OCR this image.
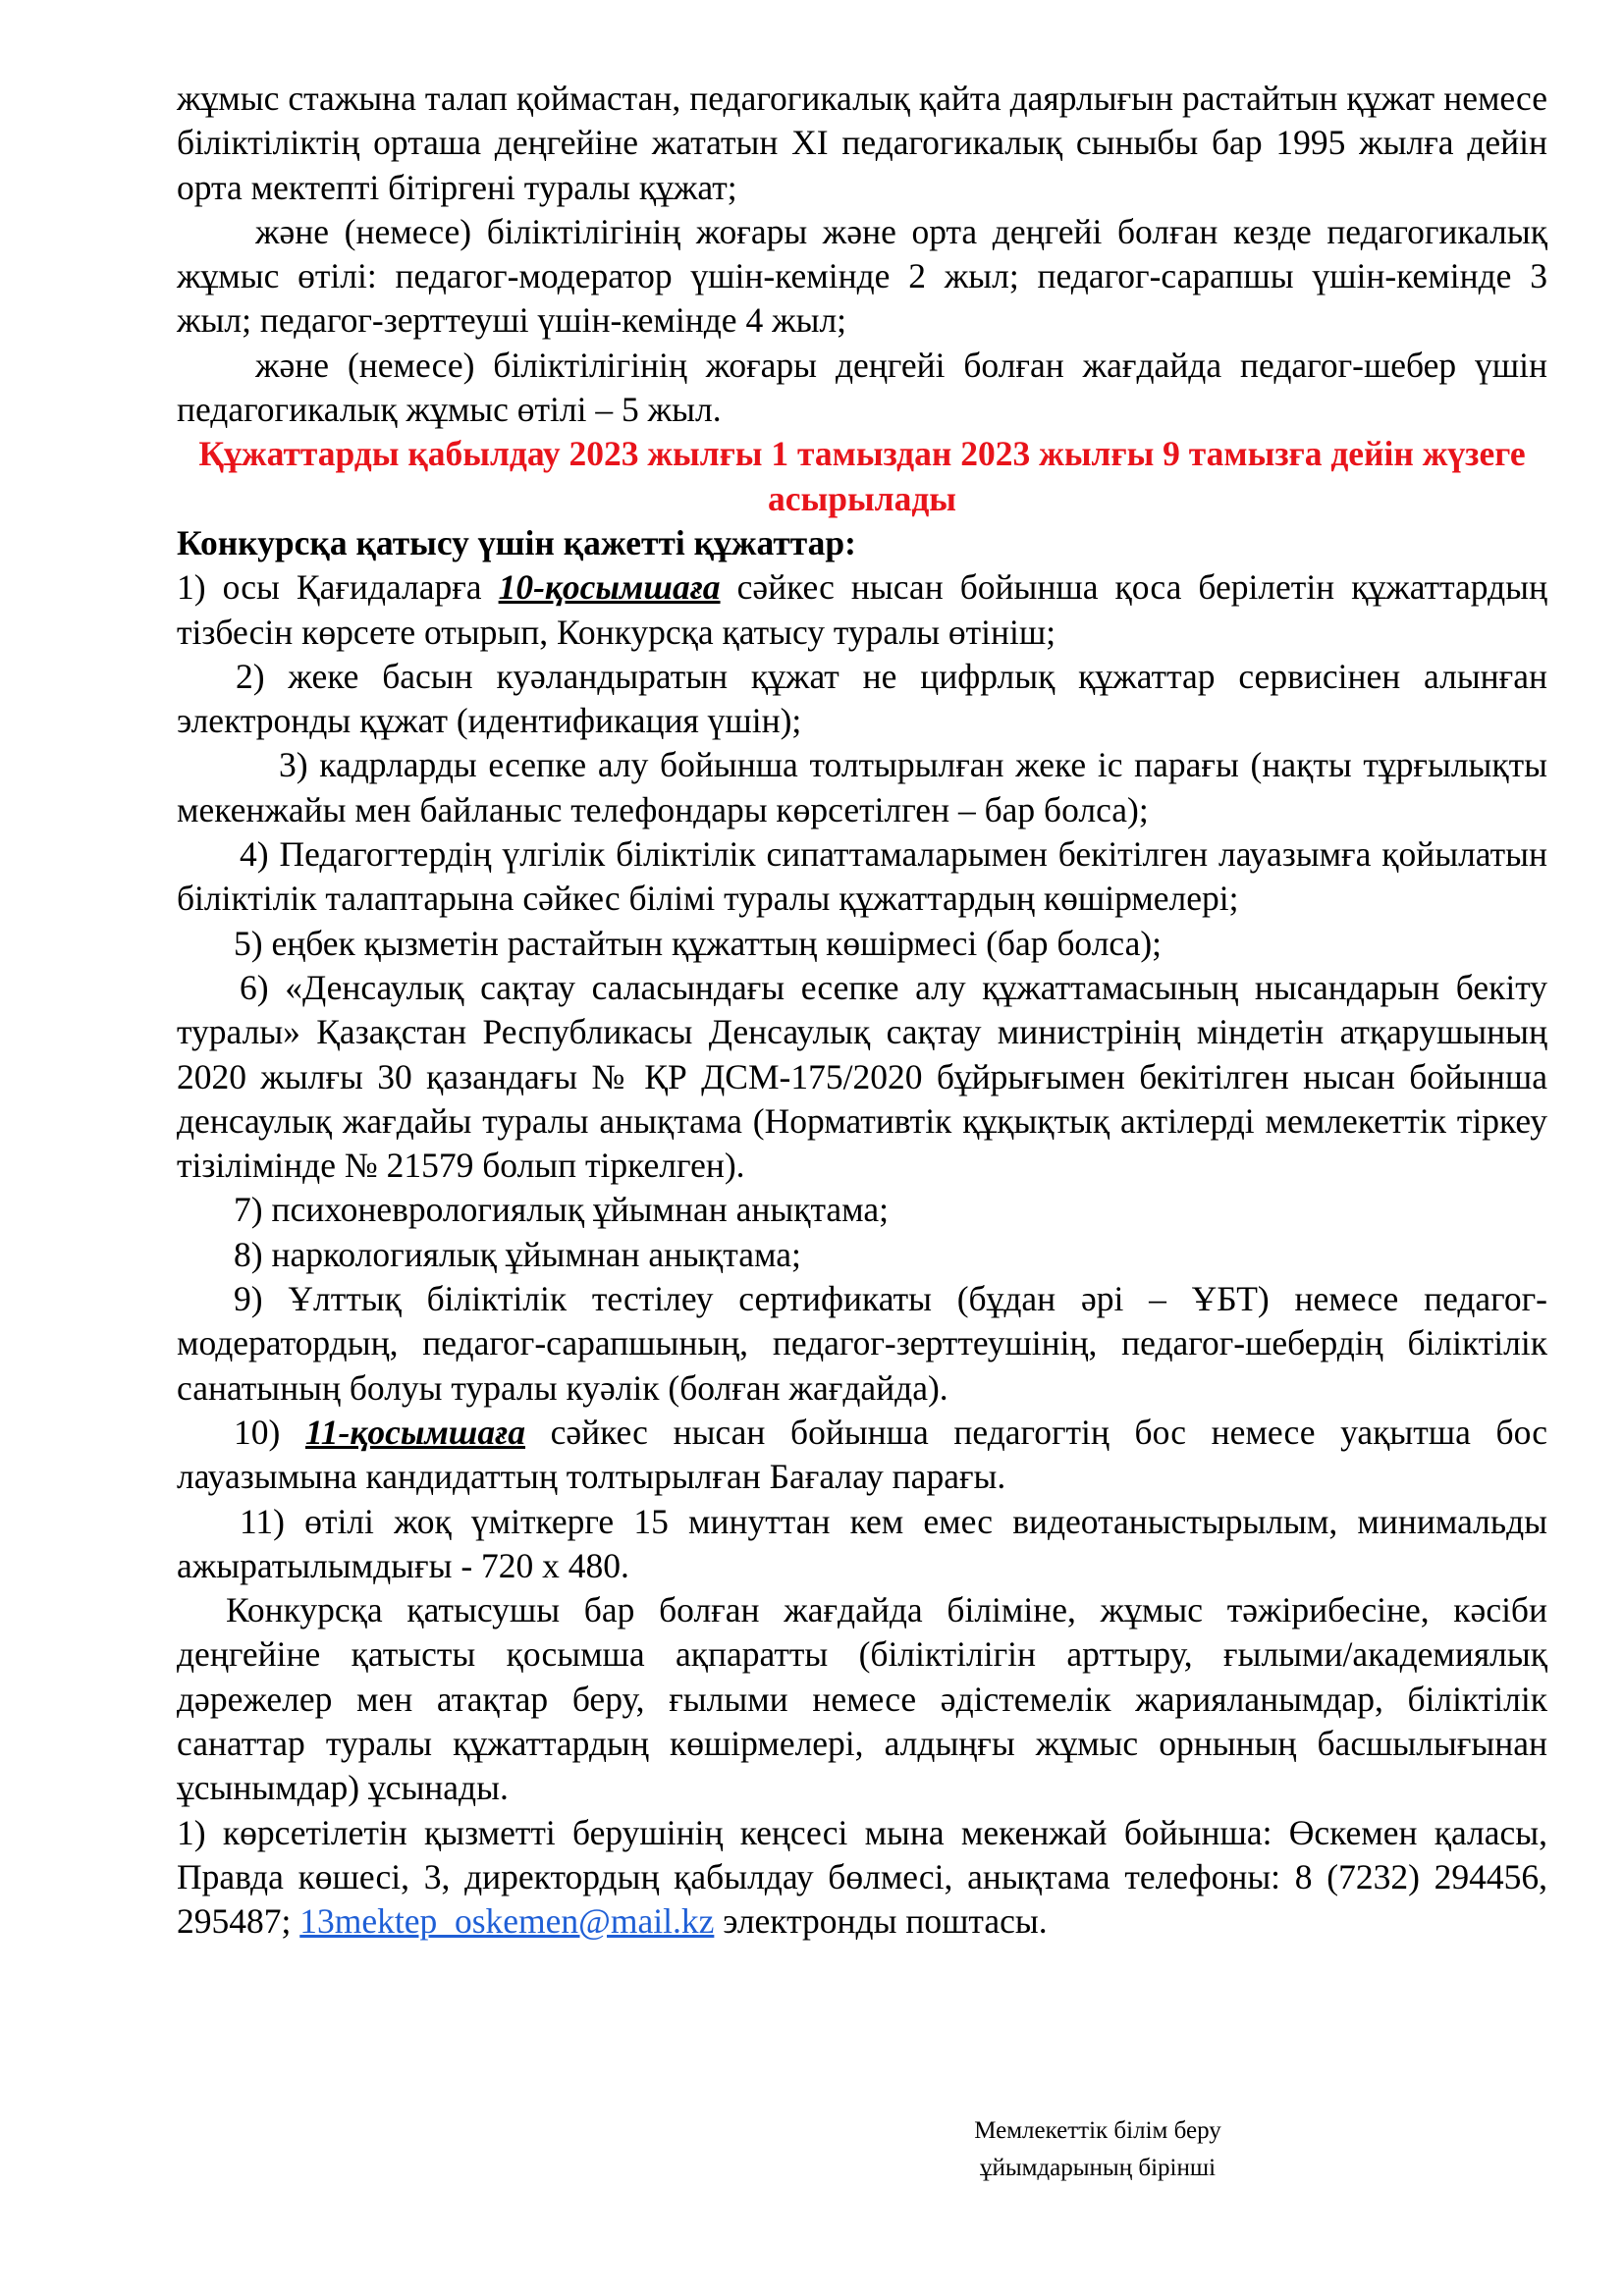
жұмыс стажына талап қоймастан, педагогикалық қайта даярлығын растайтын құжат немесе біліктіліктің орташа деңгейіне жататын XI педагогикалық сыныбы бар 1995 жылға дейін орта мектепті бітіргені туралы құжат;

және (немесе) біліктілігінің жоғары және орта деңгейі болған кезде педагогикалық жұмыс өтілі: педагог-модератор үшін-кемінде 2 жыл; педагог-сарапшы үшін-кемінде 3 жыл; педагог-зерттеуші үшін-кемінде 4 жыл;

және (немесе) біліктілігінің жоғары деңгейі болған жағдайда педагог-шебер үшін педагогикалық жұмыс өтілі – 5 жыл.

Құжаттарды қабылдау 2023 жылғы 1 тамыздан 2023 жылғы 9 тамызға дейін жүзеге асырылады

Конкурсқа қатысу үшін қажетті құжаттар:

1) осы Қағидаларға 10-қосымшаға сәйкес нысан бойынша қоса берілетін құжаттардың тізбесін көрсете отырып, Конкурсқа қатысу туралы өтініш;

2) жеке басын куәландыратын құжат не цифрлық құжаттар сервисінен алынған электронды құжат (идентификация үшін);

3) кадрларды есепке алу бойынша толтырылған жеке іс парағы (нақты тұрғылықты мекенжайы мен байланыс телефондары көрсетілген – бар болса);

4) Педагогтердің үлгілік біліктілік сипаттамаларымен бекітілген лауазымға қойылатын біліктілік талаптарына сәйкес білімі туралы құжаттардың көшірмелері;

5) еңбек қызметін растайтын құжаттың көшірмесі (бар болса);

6) «Денсаулық сақтау саласындағы есепке алу құжаттамасының нысандарын бекіту туралы» Қазақстан Республикасы Денсаулық сақтау министрінің міндетін атқарушының 2020 жылғы 30 қазандағы № ҚР ДСМ-175/2020 бұйрығымен бекітілген нысан бойынша денсаулық жағдайы туралы анықтама (Нормативтік құқықтық актілерді мемлекеттік тіркеу тізілімінде № 21579 болып тіркелген).

7) психоневрологиялық ұйымнан анықтама;

8) наркологиялық ұйымнан анықтама;

9) Ұлттық біліктілік тестілеу сертификаты (бұдан әрі – ҰБТ) немесе педагог-модератордың, педагог-сарапшының, педагог-зерттеушінің, педагог-шебердің біліктілік санатының болуы туралы куәлік (болған жағдайда).

10) 11-қосымшаға сәйкес нысан бойынша педагогтің бос немесе уақытша бос лауазымына кандидаттың толтырылған Бағалау парағы.

11) өтілі жоқ үміткерге 15 минуттан кем емес видеотаныстырылым, минимальды ажыратылымдығы - 720 х 480.

Конкурсқа қатысушы бар болған жағдайда біліміне, жұмыс тәжірибесіне, кәсіби деңгейіне қатысты қосымша ақпаратты (біліктілігін арттыру, ғылыми/академиялық дәрежелер мен атақтар беру, ғылыми немесе әдістемелік жарияланымдар, біліктілік санаттар туралы құжаттардың көшірмелері, алдыңғы жұмыс орнының басшылығынан ұсынымдар) ұсынады.

1) көрсетілетін қызметті берушінің кеңсесі мына мекенжай бойынша: Өскемен қаласы, Правда көшесі, 3, директордың қабылдау бөлмесі, анықтама телефоны: 8 (7232) 294456, 295487; 13mektep_oskemen@mail.kz электронды поштасы.

Мемлекеттік білім беру
ұйымдарының бірінші
